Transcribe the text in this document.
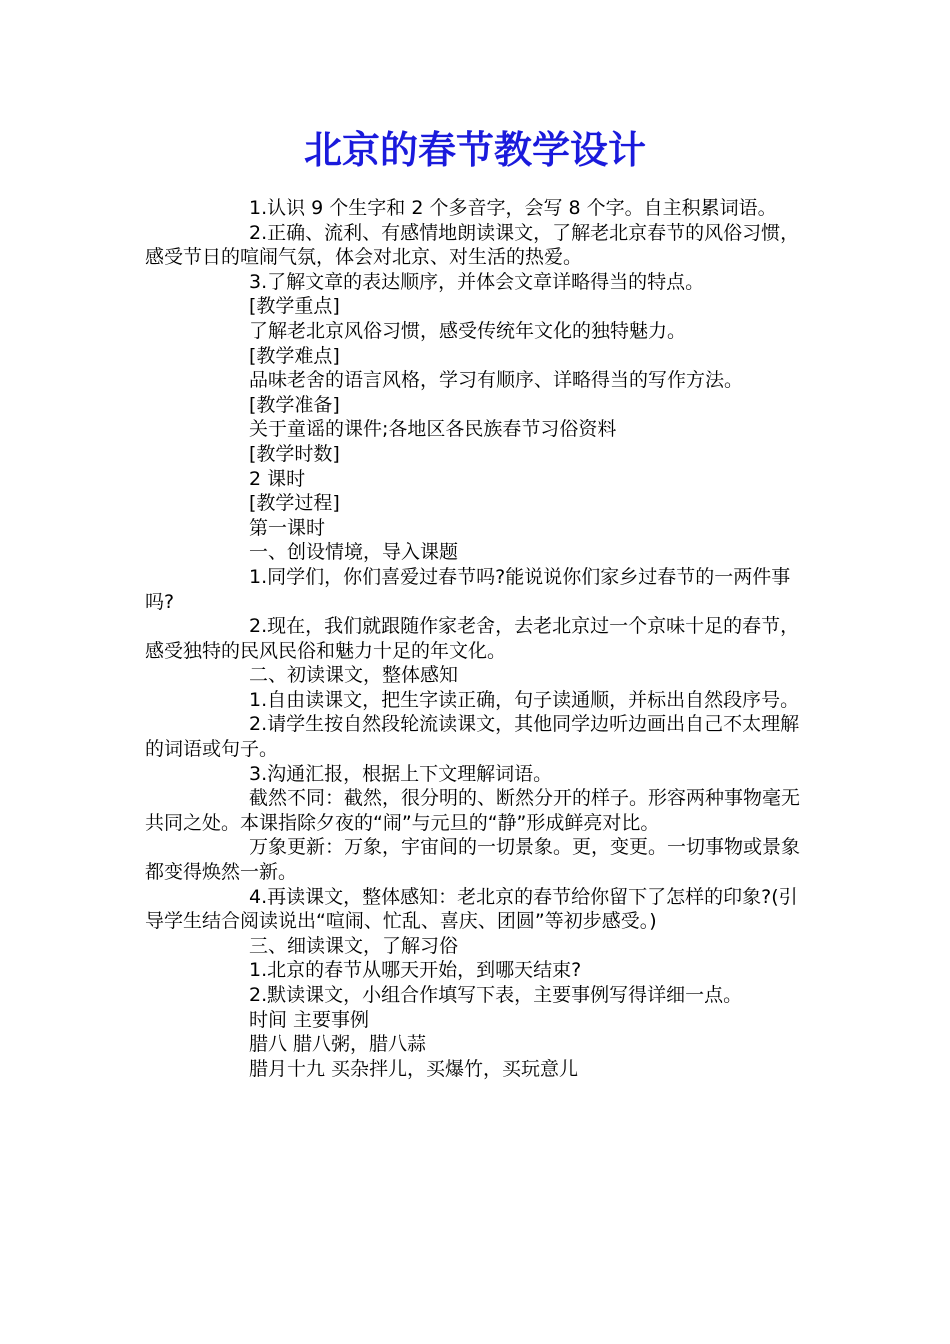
北京的春节教学设计

1.认识 9 个生字和 2 个多音字，会写 8 个字。自主积累词语。

2.正确、流利、有感情地朗读课文，了解老北京春节的风俗习惯，感受节日的喧闹气氛，体会对北京、对生活的热爱。

3.了解文章的表达顺序，并体会文章详略得当的特点。

[教学重点]

了解老北京风俗习惯，感受传统年文化的独特魅力。

[教学难点]

品味老舍的语言风格，学习有顺序、详略得当的写作方法。

[教学准备]

关于童谣的课件;各地区各民族春节习俗资料

[教学时数]

2 课时

[教学过程]

第一课时

一、创设情境，导入课题

1.同学们，你们喜爱过春节吗?能说说你们家乡过春节的一两件事吗?

2.现在，我们就跟随作家老舍，去老北京过一个京味十足的春节，感受独特的民风民俗和魅力十足的年文化。

二、初读课文，整体感知

1.自由读课文，把生字读正确，句子读通顺，并标出自然段序号。

2.请学生按自然段轮流读课文，其他同学边听边画出自己不太理解的词语或句子。

3.沟通汇报，根据上下文理解词语。

截然不同：截然，很分明的、断然分开的样子。形容两种事物毫无共同之处。本课指除夕夜的“闹”与元旦的“静”形成鲜亮对比。

万象更新：万象，宇宙间的一切景象。更，变更。一切事物或景象都变得焕然一新。

4.再读课文，整体感知：老北京的春节给你留下了怎样的印象?(引导学生结合阅读说出“喧闹、忙乱、喜庆、团圆”等初步感受。)

三、细读课文，了解习俗

1.北京的春节从哪天开始，到哪天结束?

2.默读课文，小组合作填写下表，主要事例写得详细一点。

时间 主要事例

腊八 腊八粥，腊八蒜

腊月十九 买杂拌儿，买爆竹，买玩意儿
